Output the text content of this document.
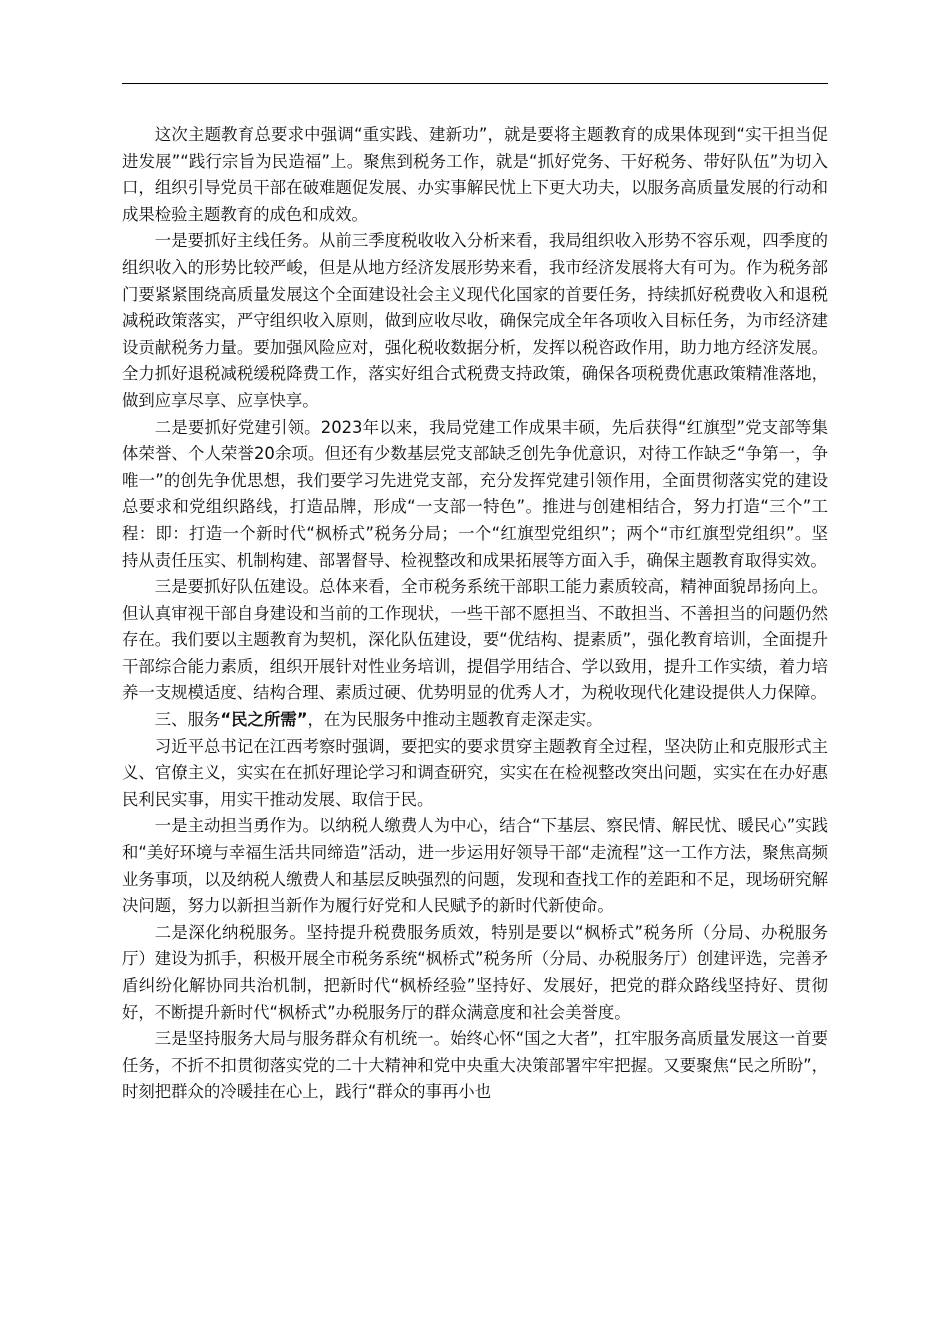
这次主题教育总要求中强调“重实践、建新功”，就是要将主题教育的成果体现到“实干担当促进发展”“践行宗旨为民造福”上。聚焦到税务工作，就是“抓好党务、干好税务、带好队伍”为切入口，组织引导党员干部在破难题促发展、办实事解民忧上下更大功夫，以服务高质量发展的行动和成果检验主题教育的成色和成效。

一是要抓好主线任务。从前三季度税收收入分析来看，我局组织收入形势不容乐观，四季度的组织收入的形势比较严峻，但是从地方经济发展形势来看，我市经济发展将大有可为。作为税务部门要紧紧围绕高质量发展这个全面建设社会主义现代化国家的首要任务，持续抓好税费收入和退税减税政策落实，严守组织收入原则，做到应收尽收，确保完成全年各项收入目标任务，为市经济建设贡献税务力量。要加强风险应对，强化税收数据分析，发挥以税咨政作用，助力地方经济发展。全力抓好退税减税缓税降费工作，落实好组合式税费支持政策，确保各项税费优惠政策精准落地，做到应享尽享、应享快享。

二是要抓好党建引领。2023年以来，我局党建工作成果丰硕，先后获得“红旗型”党支部等集体荣誉、个人荣誉20余项。但还有少数基层党支部缺乏创先争优意识，对待工作缺乏“争第一，争唯一”的创先争优思想，我们要学习先进党支部，充分发挥党建引领作用，全面贯彻落实党的建设总要求和党组织路线，打造品牌，形成“一支部一特色”。推进与创建相结合，努力打造“三个”工程：即：打造一个新时代“枫桥式”税务分局；一个“红旗型党组织”；两个“市红旗型党组织”。坚持从责任压实、机制构建、部署督导、检视整改和成果拓展等方面入手，确保主题教育取得实效。

三是要抓好队伍建设。总体来看，全市税务系统干部职工能力素质较高，精神面貌昂扬向上。但认真审视干部自身建设和当前的工作现状，一些干部不愿担当、不敢担当、不善担当的问题仍然存在。我们要以主题教育为契机，深化队伍建设，要“优结构、提素质”，强化教育培训，全面提升干部综合能力素质，组织开展针对性业务培训，提倡学用结合、学以致用，提升工作实绩，着力培养一支规模适度、结构合理、素质过硬、优势明显的优秀人才，为税收现代化建设提供人力保障。

三、服务“民之所需”，在为民服务中推动主题教育走深走实。

习近平总书记在江西考察时强调，要把实的要求贯穿主题教育全过程，坚决防止和克服形式主义、官僚主义，实实在在抓好理论学习和调查研究，实实在在检视整改突出问题，实实在在办好惠民利民实事，用实干推动发展、取信于民。

一是主动担当勇作为。以纳税人缴费人为中心，结合“下基层、察民情、解民忧、暖民心”实践和“美好环境与幸福生活共同缔造”活动，进一步运用好领导干部“走流程”这一工作方法，聚焦高频业务事项，以及纳税人缴费人和基层反映强烈的问题，发现和查找工作的差距和不足，现场研究解决问题，努力以新担当新作为履行好党和人民赋予的新时代新使命。

二是深化纳税服务。坚持提升税费服务质效，特别是要以“枫桥式”税务所（分局、办税服务厅）建设为抓手，积极开展全市税务系统“枫桥式”税务所（分局、办税服务厅）创建评选，完善矛盾纠纷化解协同共治机制，把新时代“枫桥经验”坚持好、发展好，把党的群众路线坚持好、贯彻好，不断提升新时代“枫桥式”办税服务厅的群众满意度和社会美誉度。

三是坚持服务大局与服务群众有机统一。始终心怀“国之大者”，扛牢服务高质量发展这一首要任务，不折不扣贯彻落实党的二十大精神和党中央重大决策部署牢牢把握。又要聚焦“民之所盼”，时刻把群众的冷暖挂在心上，践行“群众的事再小也
